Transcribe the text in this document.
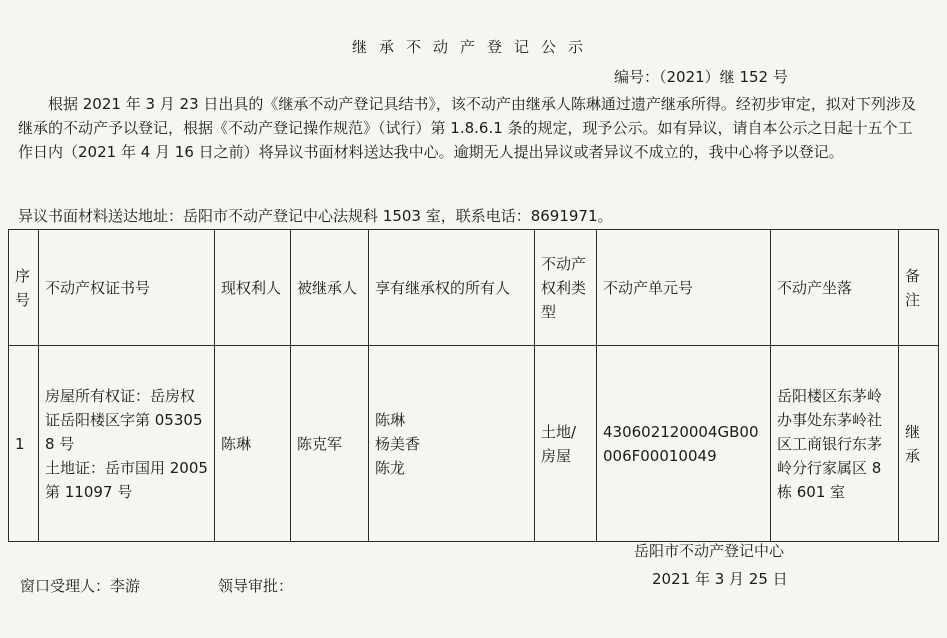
继承不动产登记公示
编号：（2021）继 152 号
根据 2021 年 3 月 23 日出具的《继承不动产登记具结书》，该不动产由继承人陈琳通过遗产继承所得。经初步审定，拟对下列涉及继承的不动产予以登记，根据《不动产登记操作规范》（试行）第 1.8.6.1 条的规定，现予公示。如有异议，请自本公示之日起十五个工作日内（2021 年 4 月 16 日之前）将异议书面材料送达我中心。逾期无人提出异议或者异议不成立的，我中心将予以登记。
异议书面材料送达地址：岳阳市不动产登记中心法规科 1503 室，联系电话：8691971。
序号	不动产权证书号	现权利人	被继承人	享有继承权的所有人	不动产权利类型	不动产单元号	不动产坐落	备注
1	房屋所有权证：岳房权证岳阳楼区字第 053058 号
土地证：岳市国用 2005 第 11097 号	陈琳	陈克军	陈琳
杨美香
陈龙	土地/房屋	430602120004GB00006F00010049	岳阳楼区东茅岭办事处东茅岭社区工商银行东茅岭分行家属区 8 栋 601 室	继承
岳阳市不动产登记中心
2021 年 3 月 25 日
窗口受理人：李游	领导审批：
